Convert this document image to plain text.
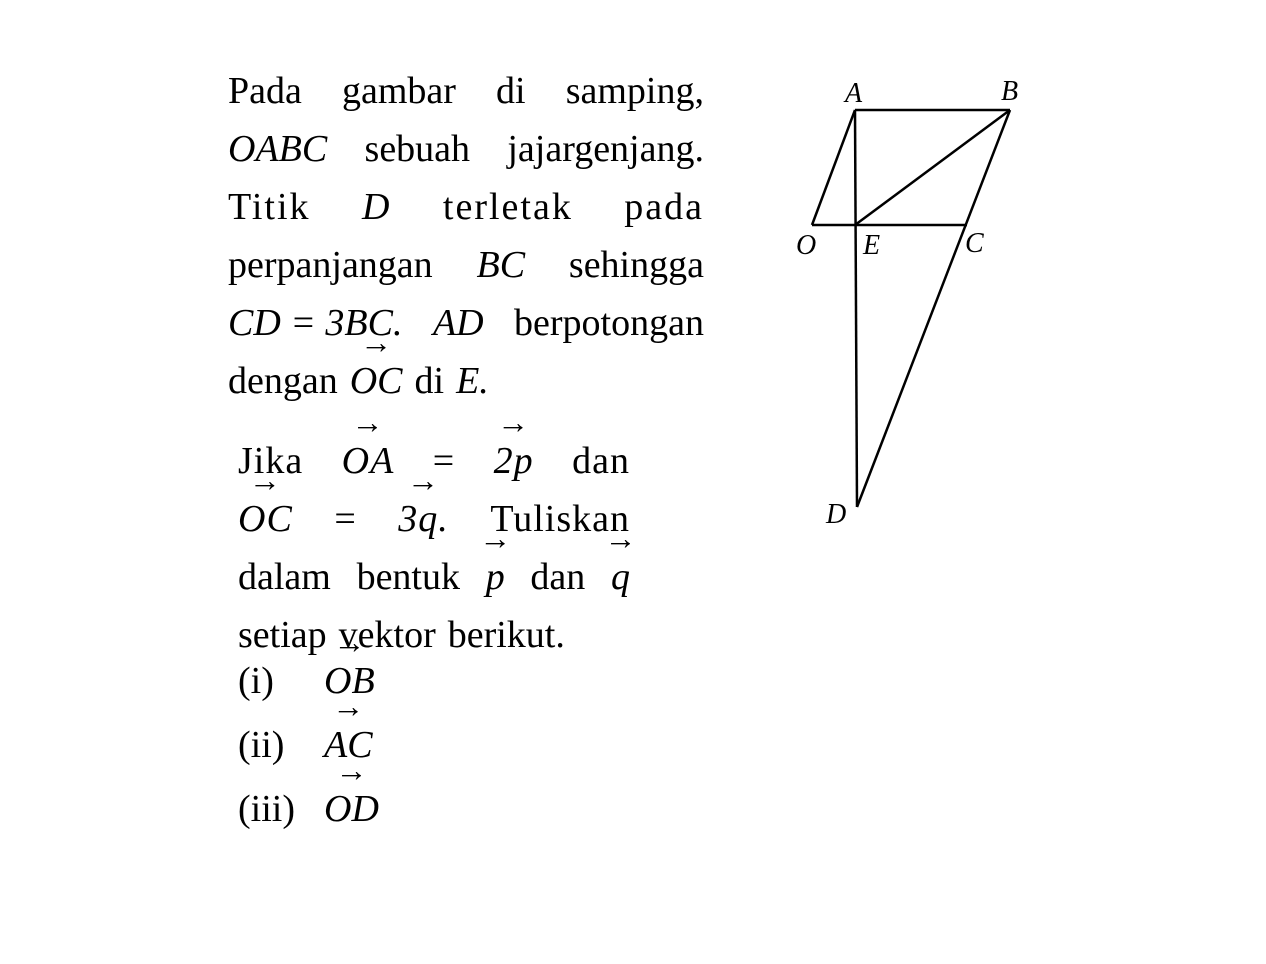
Pada gambar di samping,
OABC sebuah jajargenjang.
Titik D terletak pada
perpanjangan BC sehingga
CD = 3BC. AD berpotongan
dengan → OC di E.
Jika → OA = → 2p dan
→ OC = → 3q. Tuliskan
dalam bentuk → p dan → q
setiap vektor berikut.
(i)	→ OB
(ii)	→ AC
(iii) → OD
A	B
O E	C
D
